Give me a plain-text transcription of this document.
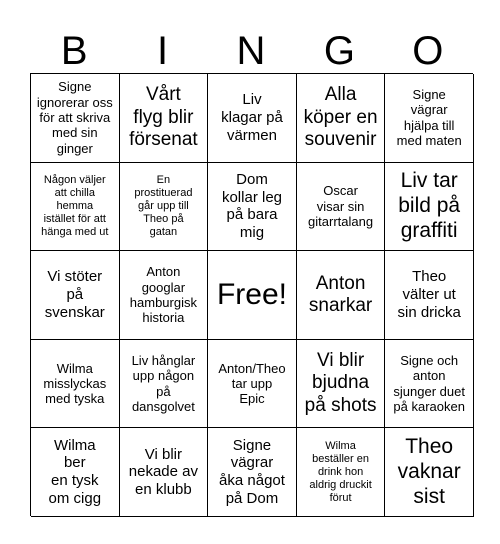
B	I	N	G	O
Signe
ignorerar oss
för att skriva
med sin
ginger
Vårt
flyg blir
försenat
Liv
klagar på
värmen
Alla
köper en
souvenir
Signe
vägrar
hjälpa till
med maten
Någon väljer
att chilla
hemma
istället för att
hänga med ut
En
prostituerad
går upp till
Theo på
gatan
Dom
kollar leg
på bara
mig
Oscar
visar sin
gitarrtalang
Liv tar
bild på
graffiti
Vi stöter
på
svenskar
Anton
googlar
hamburgisk
historia
Free!	Anton
snarkar
Theo
välter ut
sin dricka
Wilma
misslyckas
med tyska
Liv hånglar
upp någon
på
dansgolvet
Anton/Theo
tar upp
Epic
Vi blir
bjudna
på shots
Signe och
anton
sjunger duet
på karaoken
Wilma
ber
en tysk
om cigg
Vi blir
nekade av
en klubb
Signe
vägrar
åka något
på Dom
Wilma
beställer en
drink hon
aldrig druckit
förut
Theo
vaknar
sist
